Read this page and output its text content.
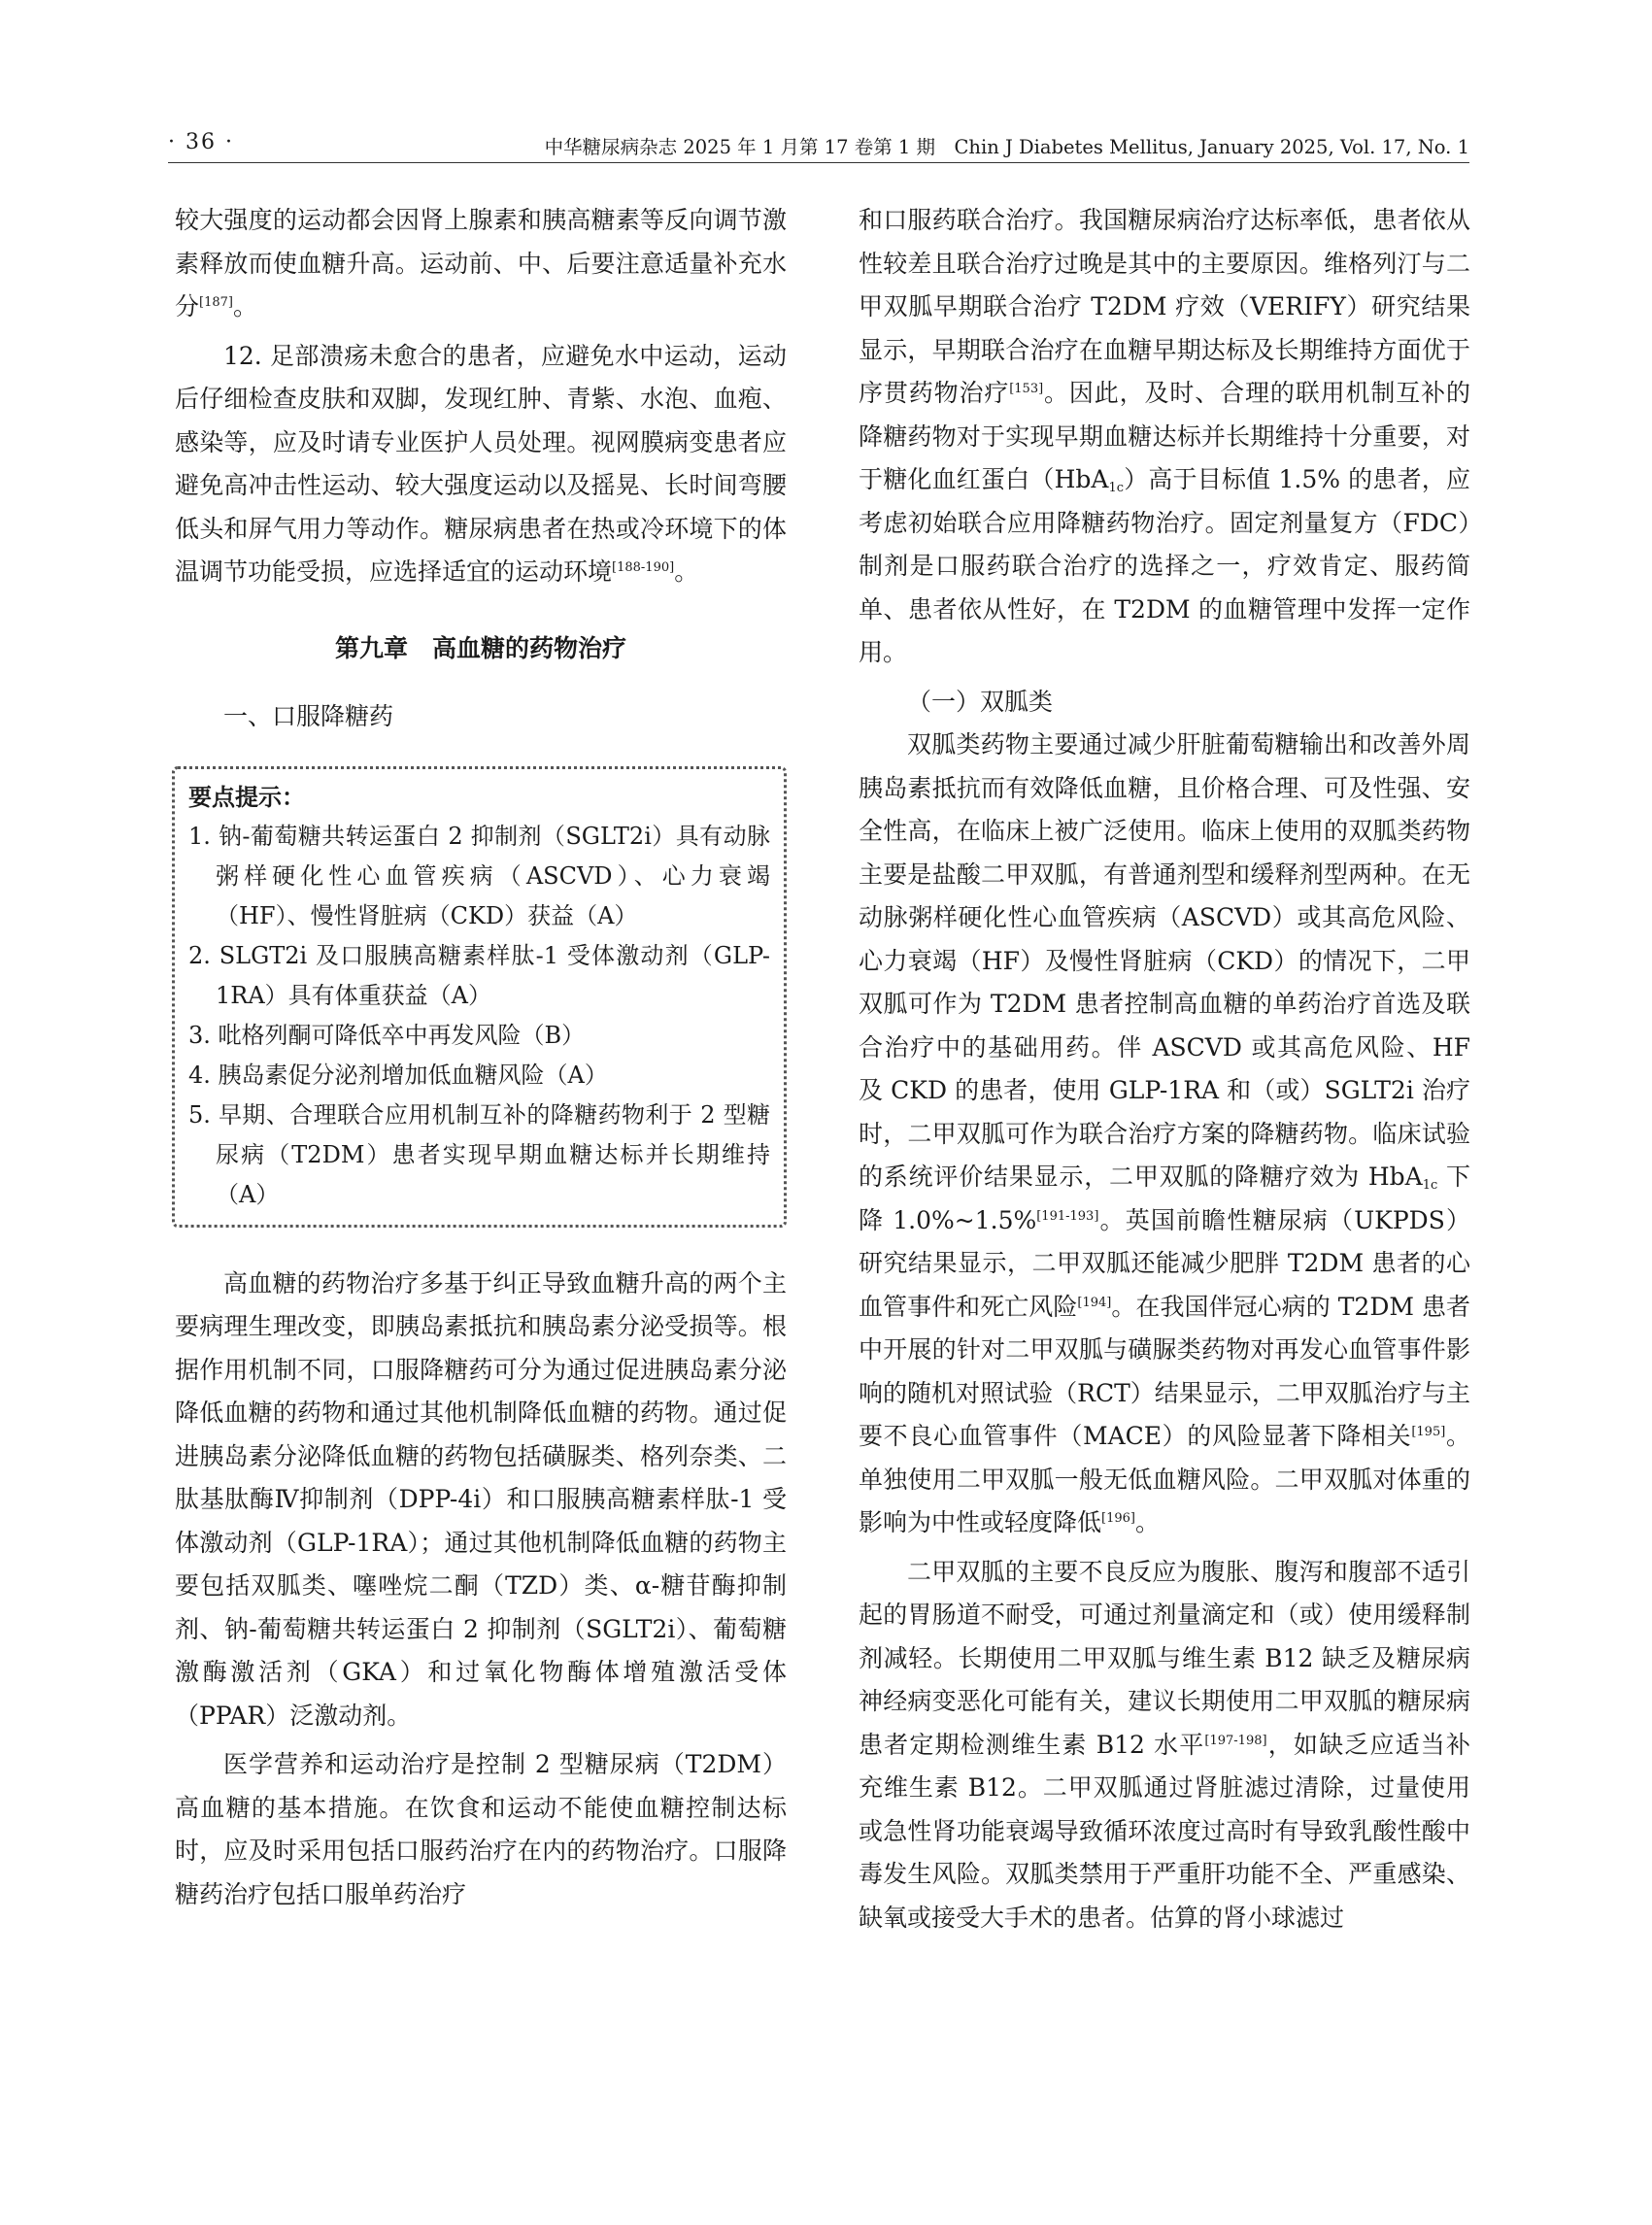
· 36 ·	中华糖尿病杂志 2025 年 1 月第 17 卷第 1 期　Chin J Diabetes Mellitus, January 2025, Vol. 17, No. 1

较大强度的运动都会因肾上腺素和胰高糖素等反向调节激素释放而使血糖升高。运动前、中、后要注意适量补充水分[187]。

12. 足部溃疡未愈合的患者，应避免水中运动，运动后仔细检查皮肤和双脚，发现红肿、青紫、水泡、血疱、感染等，应及时请专业医护人员处理。视网膜病变患者应避免高冲击性运动、较大强度运动以及摇晃、长时间弯腰低头和屏气用力等动作。糖尿病患者在热或冷环境下的体温调节功能受损，应选择适宜的运动环境[188-190]。

第九章　高血糖的药物治疗

一、口服降糖药

要点提示：

1. 钠-葡萄糖共转运蛋白 2 抑制剂（SGLT2i）具有动脉粥样硬化性心血管疾病（ASCVD）、心力衰竭（HF）、慢性肾脏病（CKD）获益（A）

2. SLGT2i 及口服胰高糖素样肽-1 受体激动剂（GLP-1RA）具有体重获益（A）

3. 吡格列酮可降低卒中再发风险（B）

4. 胰岛素促分泌剂增加低血糖风险（A）

5. 早期、合理联合应用机制互补的降糖药物利于 2 型糖尿病（T2DM）患者实现早期血糖达标并长期维持（A）

高血糖的药物治疗多基于纠正导致血糖升高的两个主要病理生理改变，即胰岛素抵抗和胰岛素分泌受损等。根据作用机制不同，口服降糖药可分为通过促进胰岛素分泌降低血糖的药物和通过其他机制降低血糖的药物。通过促进胰岛素分泌降低血糖的药物包括磺脲类、格列奈类、二肽基肽酶Ⅳ抑制剂（DPP-4i）和口服胰高糖素样肽-1 受体激动剂（GLP-1RA）；通过其他机制降低血糖的药物主要包括双胍类、噻唑烷二酮（TZD）类、α-糖苷酶抑制剂、钠-葡萄糖共转运蛋白 2 抑制剂（SGLT2i）、葡萄糖激酶激活剂（GKA）和过氧化物酶体增殖激活受体（PPAR）泛激动剂。

医学营养和运动治疗是控制 2 型糖尿病（T2DM）高血糖的基本措施。在饮食和运动不能使血糖控制达标时，应及时采用包括口服药治疗在内的药物治疗。口服降糖药治疗包括口服单药治疗

和口服药联合治疗。我国糖尿病治疗达标率低，患者依从性较差且联合治疗过晚是其中的主要原因。维格列汀与二甲双胍早期联合治疗 T2DM 疗效（VERIFY）研究结果显示，早期联合治疗在血糖早期达标及长期维持方面优于序贯药物治疗[153]。因此，及时、合理的联用机制互补的降糖药物对于实现早期血糖达标并长期维持十分重要，对于糖化血红蛋白（HbA$_{1c}$）高于目标值 1.5% 的患者，应考虑初始联合应用降糖药物治疗。固定剂量复方（FDC）制剂是口服药联合治疗的选择之一，疗效肯定、服药简单、患者依从性好，在 T2DM 的血糖管理中发挥一定作用。

（一）双胍类

双胍类药物主要通过减少肝脏葡萄糖输出和改善外周胰岛素抵抗而有效降低血糖，且价格合理、可及性强、安全性高，在临床上被广泛使用。临床上使用的双胍类药物主要是盐酸二甲双胍，有普通剂型和缓释剂型两种。在无动脉粥样硬化性心血管疾病（ASCVD）或其高危风险、心力衰竭（HF）及慢性肾脏病（CKD）的情况下，二甲双胍可作为 T2DM 患者控制高血糖的单药治疗首选及联合治疗中的基础用药。伴 ASCVD 或其高危风险、HF 及 CKD 的患者，使用 GLP-1RA 和（或）SGLT2i 治疗时，二甲双胍可作为联合治疗方案的降糖药物。临床试验的系统评价结果显示，二甲双胍的降糖疗效为 HbA$_{1c}$ 下降 1.0%~1.5%[191-193]。英国前瞻性糖尿病（UKPDS）研究结果显示，二甲双胍还能减少肥胖 T2DM 患者的心血管事件和死亡风险[194]。在我国伴冠心病的 T2DM 患者中开展的针对二甲双胍与磺脲类药物对再发心血管事件影响的随机对照试验（RCT）结果显示，二甲双胍治疗与主要不良心血管事件（MACE）的风险显著下降相关[195]。单独使用二甲双胍一般无低血糖风险。二甲双胍对体重的影响为中性或轻度降低[196]。

二甲双胍的主要不良反应为腹胀、腹泻和腹部不适引起的胃肠道不耐受，可通过剂量滴定和（或）使用缓释制剂减轻。长期使用二甲双胍与维生素 B12 缺乏及糖尿病神经病变恶化可能有关，建议长期使用二甲双胍的糖尿病患者定期检测维生素 B12 水平[197-198]，如缺乏应适当补充维生素 B12。二甲双胍通过肾脏滤过清除，过量使用或急性肾功能衰竭导致循环浓度过高时有导致乳酸性酸中毒发生风险。双胍类禁用于严重肝功能不全、严重感染、缺氧或接受大手术的患者。估算的肾小球滤过
